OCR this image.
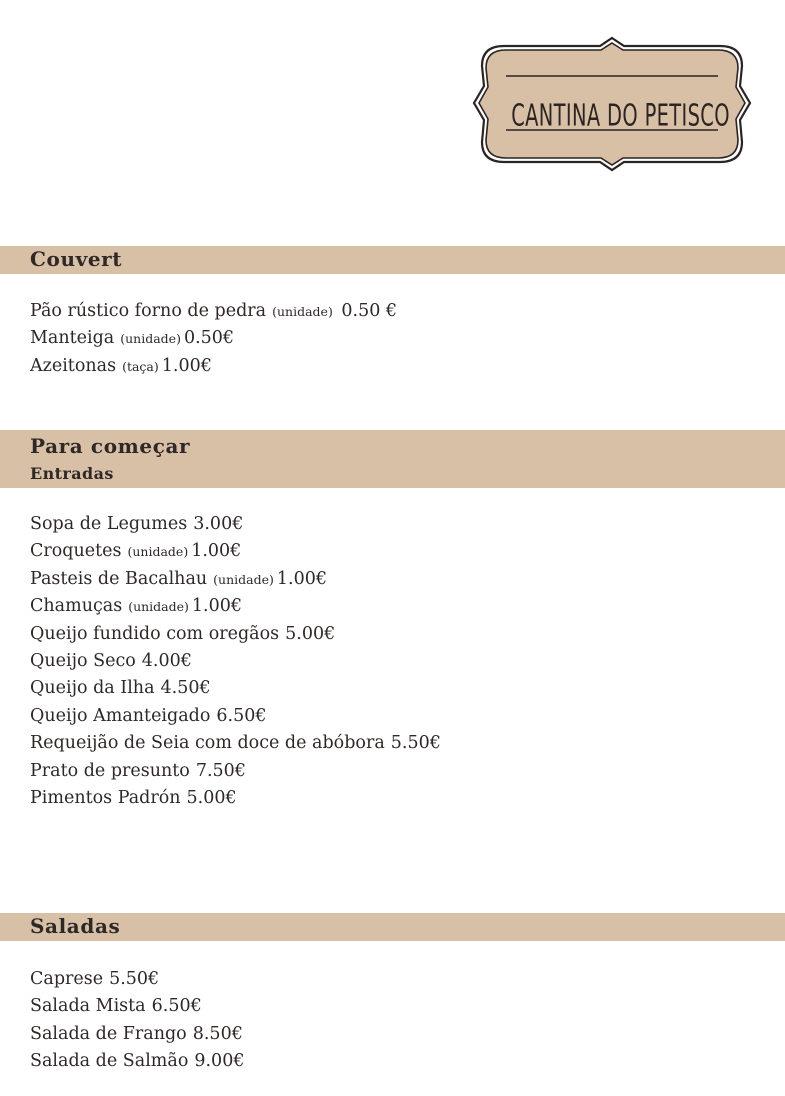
CANTINA DO PETISCO
Couvert
Pão rústico forno de pedra (unidade) 0.50 €
Manteiga (unidade) 0.50€
Azeitonas (taça) 1.00€
Para começar
Entradas
Sopa de Legumes 3.00€
Croquetes (unidade) 1.00€
Pasteis de Bacalhau (unidade) 1.00€
Chamuças (unidade) 1.00€
Queijo fundido com oregãos 5.00€
Queijo Seco 4.00€
Queijo da Ilha 4.50€
Queijo Amanteigado 6.50€
Requeijão de Seia com doce de abóbora 5.50€
Prato de presunto 7.50€
Pimentos Padrón 5.00€
Saladas
Caprese 5.50€
Salada Mista 6.50€
Salada de Frango 8.50€
Salada de Salmão 9.00€
